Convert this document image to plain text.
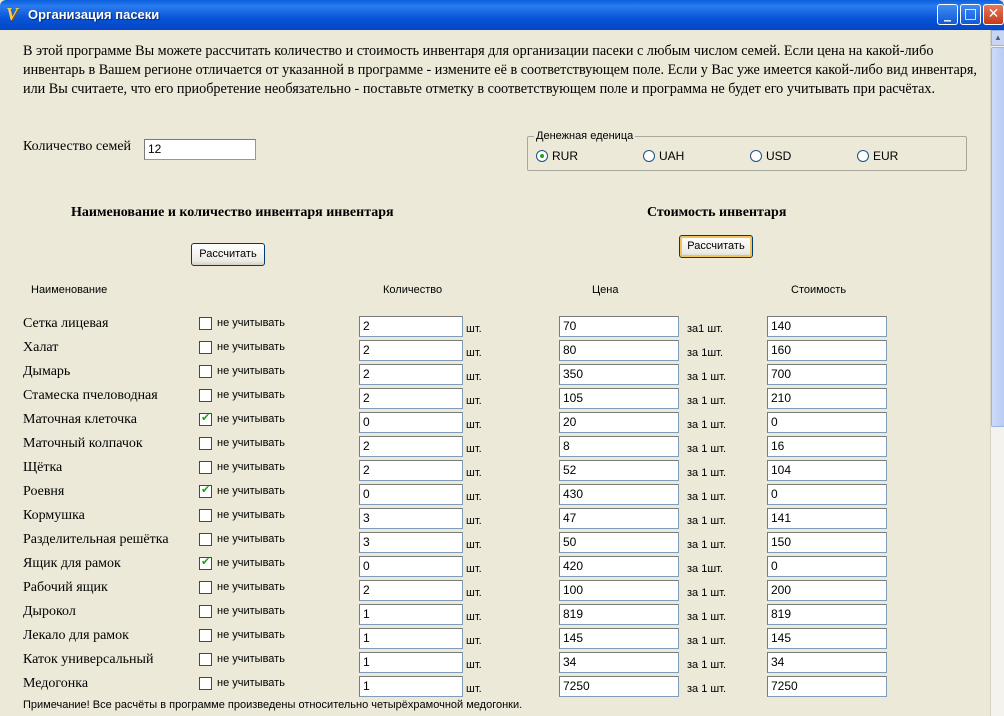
V Организация пасеки	_ □ ✕

В этой программе Вы можете рассчитать количество и стоимость инвентаря для организации пасеки с любым числом семей. Если цена на какой-либо инвентарь в Вашем регионе отличается от указанной в программе - измените её в соответствующем поле. Если у Вас уже имеется какой-либо вид инвентаря, или Вы считаете, что его приобретение необязательно - поставьте отметку в соответствующем поле и программа не будет его учитывать при расчётах.

Количество семей	12
Денежная еденица
RUR	UAH	USD	EUR
Наименование и количество инвентаря инвентаря	Стоимость инвентаря
Рассчитать
Рассчитать
Наименование	Количество	Цена	Стоимость
Сетка лицевая	не учитывать	2	шт.	70	за1 шт.	140
Халат	не учитывать	2	шт.	80	за 1шт.	160
Дымарь	не учитывать	2	шт.	350	за 1 шт.	700
Стамеска пчеловодная	не учитывать	2	шт.	105	за 1 шт.	210
Маточная клеточка ✔	не учитывать	0	шт.	20	за 1 шт.	0
Маточный колпачок	не учитывать	2	шт.	8	за 1 шт.	16
Щётка	не учитывать	2	шт.	52	за 1 шт.	104
Роевня ✔	не учитывать	0	шт.	430	за 1 шт.	0
Кормушка	не учитывать	3	шт.	47	за 1 шт.	141
Разделительная решётка	не учитывать	3	шт.	50	за 1 шт.	150
Ящик для рамок ✔	не учитывать	0	шт.	420	за 1шт.	0
Рабочий ящик	не учитывать	2	шт.	100	за 1 шт.	200
Дырокол	не учитывать	1	шт.	819	за 1 шт.	819
Лекало для рамок	не учитывать	1	шт.	145	за 1 шт.	145
Каток универсальный	не учитывать	1	шт.	34	за 1 шт.	34
Медогонка	не учитывать	1	шт.	7250	за 1 шт.	7250
Примечание! Все расчёты в программе произведены относительно четырёхрамочной медогонки.
▲
